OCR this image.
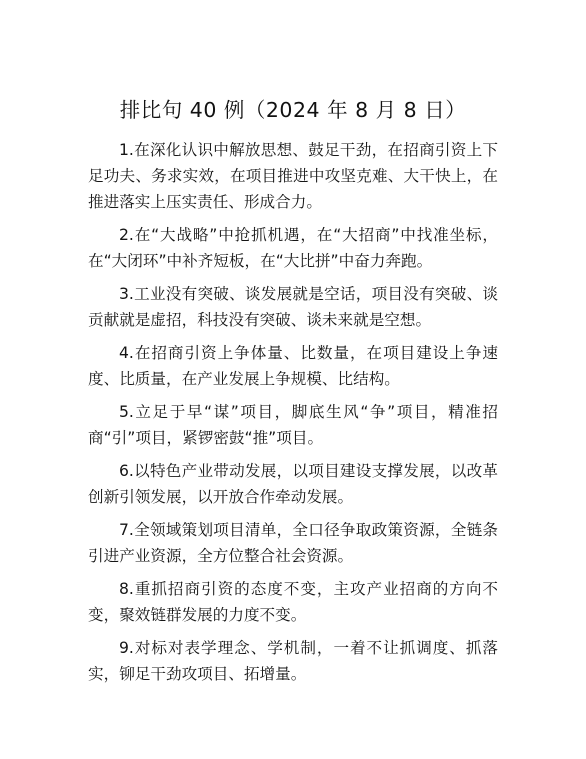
排比句 40 例（2024 年 8 月 8 日）

1.在深化认识中解放思想、鼓足干劲，在招商引资上下足功夫、务求实效，在项目推进中攻坚克难、大干快上，在推进落实上压实责任、形成合力。

2.在“大战略”中抢抓机遇，在“大招商”中找准坐标，在“大闭环”中补齐短板，在“大比拼”中奋力奔跑。

3.工业没有突破、谈发展就是空话，项目没有突破、谈贡献就是虚招，科技没有突破、谈未来就是空想。

4.在招商引资上争体量、比数量，在项目建设上争速度、比质量，在产业发展上争规模、比结构。

5.立足于早“谋”项目，脚底生风“争”项目，精准招商“引”项目，紧锣密鼓“推”项目。

6.以特色产业带动发展，以项目建设支撑发展，以改革创新引领发展，以开放合作牵动发展。

7.全领域策划项目清单，全口径争取政策资源，全链条引进产业资源，全方位整合社会资源。

8.重抓招商引资的态度不变，主攻产业招商的方向不变，聚效链群发展的力度不变。

9.对标对表学理念、学机制，一着不让抓调度、抓落实，铆足干劲攻项目、拓增量。
